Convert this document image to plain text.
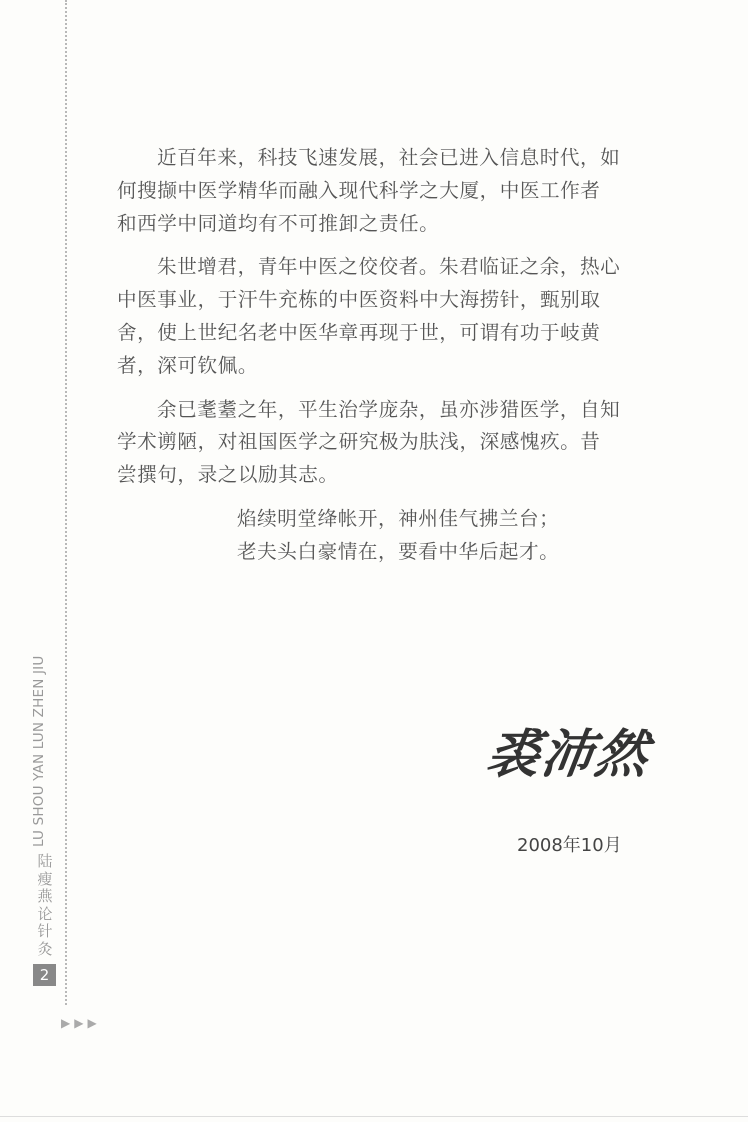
近百年来，科技飞速发展，社会已进入信息时代，如
何搜撷中医学精华而融入现代科学之大厦，中医工作者
和西学中同道均有不可推卸之责任。
朱世增君，青年中医之佼佼者。朱君临证之余，热心
中医事业，于汗牛充栋的中医资料中大海捞针，甄别取
舍，使上世纪名老中医华章再现于世，可谓有功于岐黄
者，深可钦佩。
余已耄耋之年，平生治学庞杂，虽亦涉猎医学，自知
学术谫陋，对祖国医学之研究极为肤浅，深感愧疚。昔
尝撰句，录之以励其志。
焰续明堂绛帐开，神州佳气拂兰台；
老夫头白豪情在，要看中华后起才。
裘沛然
2008年10月
LU SHOU YAN LUN ZHEN JIU
陆
瘦
燕
论
针
灸
2
▶▶▶
